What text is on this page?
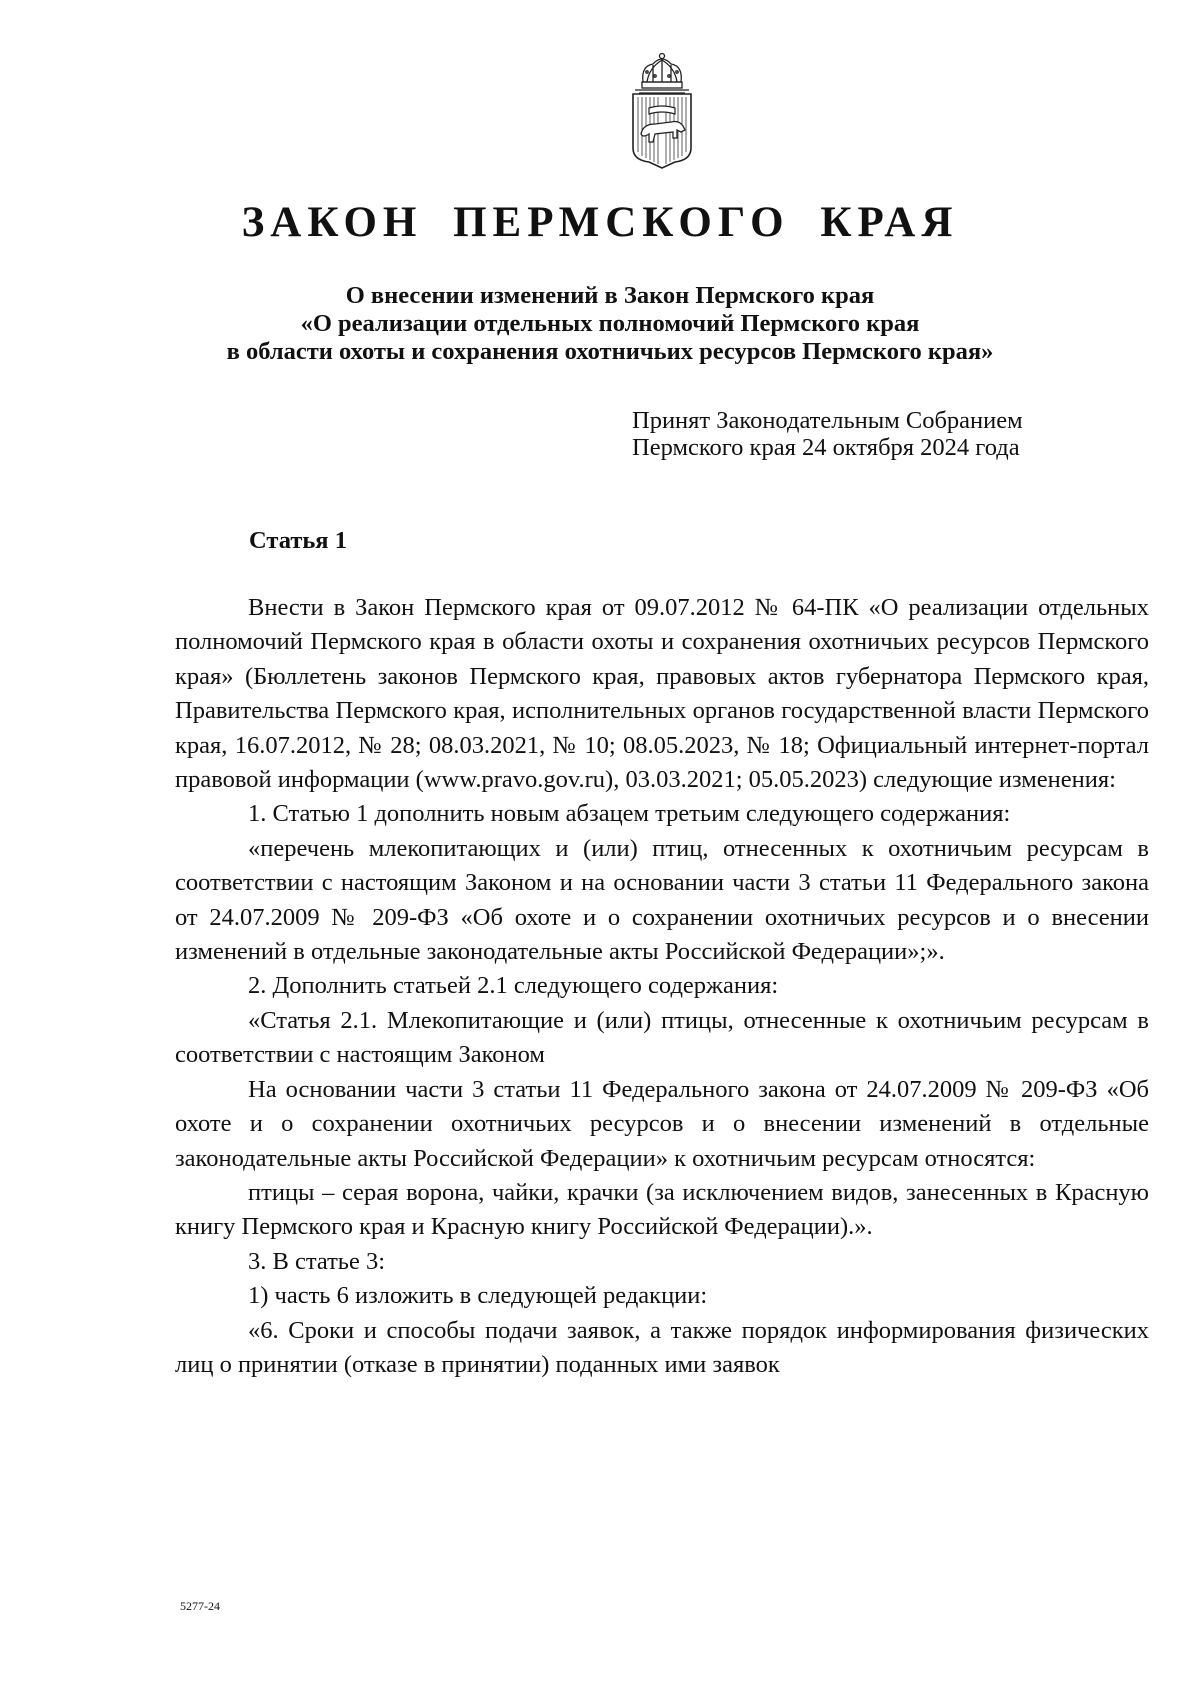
ЗАКОН ПЕРМСКОГО КРАЯ
О внесении изменений в Закон Пермского края
«О реализации отдельных полномочий Пермского края
в области охоты и сохранения охотничьих ресурсов Пермского края»
Принят Законодательным Собранием
Пермского края 24 октября 2024 года
Статья 1

Внести в Закон Пермского края от 09.07.2012 № 64-ПК «О реализации отдельных полномочий Пермского края в области охоты и сохранения охотничьих ресурсов Пермского края» (Бюллетень законов Пермского края, правовых актов губернатора Пермского края, Правительства Пермского края, исполнительных органов государственной власти Пермского края, 16.07.2012, № 28; 08.03.2021, № 10; 08.05.2023, № 18; Официальный интернет-портал правовой информации (www.pravo.gov.ru), 03.03.2021; 05.05.2023) следующие изменения:

1. Статью 1 дополнить новым абзацем третьим следующего содержания:

«перечень млекопитающих и (или) птиц, отнесенных к охотничьим ресурсам в соответствии с настоящим Законом и на основании части 3 статьи 11 Федерального закона от 24.07.2009 № 209-ФЗ «Об охоте и о сохранении охотничьих ресурсов и о внесении изменений в отдельные законодательные акты Российской Федерации»;».

2. Дополнить статьей 2.1 следующего содержания:

«Статья 2.1. Млекопитающие и (или) птицы, отнесенные к охотничьим ресурсам в соответствии с настоящим Законом

На основании части 3 статьи 11 Федерального закона от 24.07.2009 № 209-ФЗ «Об охоте и о сохранении охотничьих ресурсов и о внесении изменений в отдельные законодательные акты Российской Федерации» к охотничьим ресурсам относятся:

птицы – серая ворона, чайки, крачки (за исключением видов, занесенных в Красную книгу Пермского края и Красную книгу Российской Федерации).».

3. В статье 3:

1) часть 6 изложить в следующей редакции:

«6. Сроки и способы подачи заявок, а также порядок информирования физических лиц о принятии (отказе в принятии) поданных ими заявок

5277-24
